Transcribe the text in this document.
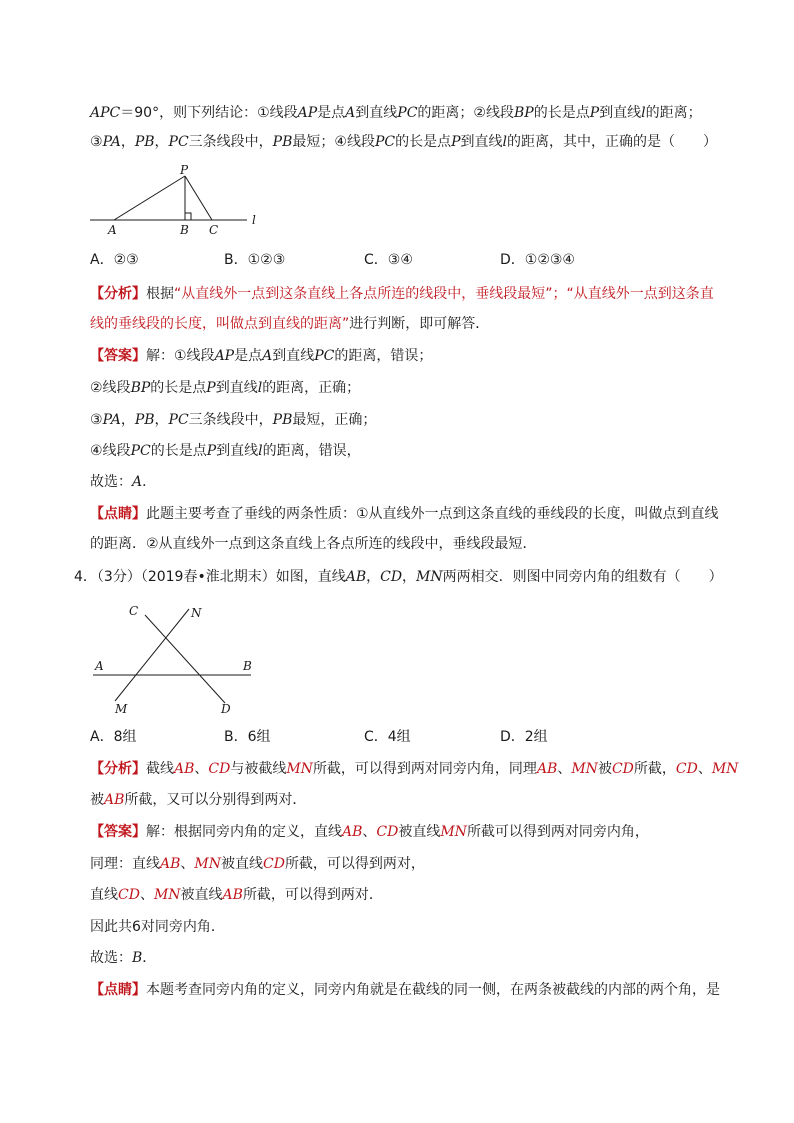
APC＝90°，则下列结论：①线段AP是点A到直线PC的距离；②线段BP的长是点P到直线l的距离；
③PA，PB，PC三条线段中，PB最短；④线段PC的长是点P到直线l的距离，其中，正确的是（　　）
P
A	B C
l
A．②③	B．①②③	C．③④	D．①②③④
【分析】根据“从直线外一点到这条直线上各点所连的线段中，垂线段最短”；“从直线外一点到这条直
线的垂线段的长度，叫做点到直线的距离”进行判断，即可解答．
【答案】解：①线段AP是点A到直线PC的距离，错误；
②线段BP的长是点P到直线l的距离，正确；
③PA，PB，PC三条线段中，PB最短，正确；
④线段PC的长是点P到直线l的距离，错误，
故选：A．
【点睛】此题主要考查了垂线的两条性质：①从直线外一点到这条直线的垂线段的长度，叫做点到直线
的距离．②从直线外一点到这条直线上各点所连的线段中，垂线段最短．
4．（3分）（2019春•淮北期末）如图，直线AB，CD，MN两两相交．则图中同旁内角的组数有（　　）
C	N
A	B
M	D
A．8组	B．6组	C．4组	D．2组
【分析】截线AB、CD与被截线MN所截，可以得到两对同旁内角，同理AB、MN被CD所截，CD、MN
被AB所截，又可以分别得到两对．
【答案】解：根据同旁内角的定义，直线AB、CD被直线MN所截可以得到两对同旁内角，
同理：直线AB、MN被直线CD所截，可以得到两对，
直线CD、MN被直线AB所截，可以得到两对．
因此共6对同旁内角．
故选：B．
【点睛】本题考查同旁内角的定义，同旁内角就是在截线的同一侧，在两条被截线的内部的两个角，是
